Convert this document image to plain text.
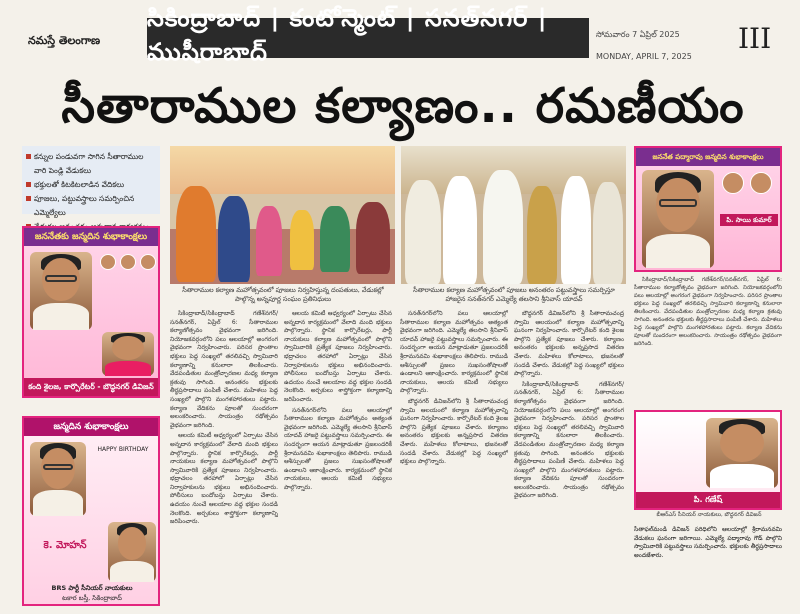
నమస్తే తెలంగాణ
సికింద్రాబాద్ | కంటోన్మెంట్ | సనత్‌నగర్ | ముషీరాబాద్
సోమవారం 7 ఏప్రిల్ 2025
MONDAY, APRIL 7, 2025
III
సీతారాముల కల్యాణం.. రమణీయం
కన్నుల పండువగా సాగిన సీతారాముల వారి పెండ్లి వేడుకలు
భక్తులతో కిటకిటలాడిన వేదికలు
పూజలు, పట్టువస్త్రాలు సమర్పించిన ఎమ్మెల్యేలు
జననేతకు జన్మదిన శుభాకాంక్షలు
కంది శైలజ, కార్పొరేటర్ - బౌద్ధనగర్ డివిజన్
జన్మదిన శుభాకాంక్షలు
HAPPY BIRTHDAY
కె. మోహన్
BRS పార్టీ సీనియర్ నాయకులు
టకార బస్తీ, సికింద్రాబాద్
సీతారాముల కల్యాణ మహోత్సవంలో పూజలు నిర్వహిస్తున్న దంపతులు, వేడుకల్లో పాల్గొన్న అన్నపూర్ణ సంఘం ప్రతినిధులు
సీతారాముల కల్యాణ మహోత్సవంలో పూజలు అనంతరం పట్టువస్త్రాలు సమర్పిస్తూ హాజరైన సనత్‌నగర్ ఎమ్మెల్యే తలసాని శ్రీనివాస్ యాదవ్

సికింద్రాబాద్/సికింద్రాబాద్ గణేశ్‌నగర్/సనత్‌నగర్, ఏప్రిల్ 6: సీతారాముల కల్యాణోత్సవం వైభవంగా జరిగింది. నియోజకవర్గంలోని పలు ఆలయాల్లో అంగరంగ వైభవంగా నిర్వహించారు. పరిసర ప్రాంతాల భక్తులు పెద్ద సంఖ్యలో తరలివచ్చి స్వామివారి కల్యాణాన్ని కనులారా తిలకించారు. వేదపండితుల మంత్రోచ్ఛారణల మధ్య కల్యాణ క్రతువు సాగింది. అనంతరం భక్తులకు తీర్థప్రసాదాలు పంపిణీ చేశారు. మహిళలు పెద్ద సంఖ్యలో పాల్గొని మంగళహారతులు పట్టారు. కల్యాణ వేదికను పూలతో సుందరంగా అలంకరించారు. సాయంత్రం రథోత్సవం వైభవంగా జరిగింది.

ఆలయ కమిటీ ఆధ్వర్యంలో ఏర్పాటు చేసిన అన్నదాన కార్యక్రమంలో వేలాది మంది భక్తులు పాల్గొన్నారు. స్థానిక కార్పొరేటర్లు, పార్టీ నాయకులు కల్యాణ మహోత్సవంలో పాల్గొని స్వామివారికి ప్రత్యేక పూజలు నిర్వహించారు. భద్రాచలం తరహాలో ఏర్పాట్లు చేసిన నిర్వాహకులను భక్తులు అభినందించారు. పోలీసులు బందోబస్తు ఏర్పాటు చేశారు. ఉదయం నుంచే ఆలయాల వద్ద భక్తుల సందడి నెలకొంది. అర్చకులు శాస్త్రోక్తంగా కల్యాణాన్ని జరిపించారు.

ఆలయ కమిటీ ఆధ్వర్యంలో ఏర్పాటు చేసిన అన్నదాన కార్యక్రమంలో వేలాది మంది భక్తులు పాల్గొన్నారు. స్థానిక కార్పొరేటర్లు, పార్టీ నాయకులు కల్యాణ మహోత్సవంలో పాల్గొని స్వామివారికి ప్రత్యేక పూజలు నిర్వహించారు. భద్రాచలం తరహాలో ఏర్పాట్లు చేసిన నిర్వాహకులను భక్తులు అభినందించారు. పోలీసులు బందోబస్తు ఏర్పాటు చేశారు. ఉదయం నుంచే ఆలయాల వద్ద భక్తుల సందడి నెలకొంది. అర్చకులు శాస్త్రోక్తంగా కల్యాణాన్ని జరిపించారు.

సనత్‌నగర్‌లోని పలు ఆలయాల్లో సీతారాముల కల్యాణ మహోత్సవం అత్యంత వైభవంగా జరిగింది. ఎమ్మెల్యే తలసాని శ్రీనివాస్ యాదవ్ హాజరై పట్టువస్త్రాలు సమర్పించారు. ఈ సందర్భంగా ఆయన మాట్లాడుతూ ప్రజలందరికీ శ్రీరామనవమి శుభాకాంక్షలు తెలిపారు. రాముడి ఆశీస్సులతో ప్రజలు సుఖసంతోషాలతో ఉండాలని ఆకాంక్షించారు. కార్యక్రమంలో స్థానిక నాయకులు, ఆలయ కమిటీ సభ్యులు పాల్గొన్నారు.

సనత్‌నగర్‌లోని పలు ఆలయాల్లో సీతారాముల కల్యాణ మహోత్సవం అత్యంత వైభవంగా జరిగింది. ఎమ్మెల్యే తలసాని శ్రీనివాస్ యాదవ్ హాజరై పట్టువస్త్రాలు సమర్పించారు. ఈ సందర్భంగా ఆయన మాట్లాడుతూ ప్రజలందరికీ శ్రీరామనవమి శుభాకాంక్షలు తెలిపారు. రాముడి ఆశీస్సులతో ప్రజలు సుఖసంతోషాలతో ఉండాలని ఆకాంక్షించారు. కార్యక్రమంలో స్థానిక నాయకులు, ఆలయ కమిటీ సభ్యులు పాల్గొన్నారు.

బౌద్ధనగర్ డివిజన్‌లోని శ్రీ సీతారామచంద్ర స్వామి ఆలయంలో కల్యాణ మహోత్సవాన్ని ఘనంగా నిర్వహించారు. కార్పొరేటర్ కంది శైలజ పాల్గొని ప్రత్యేక పూజలు చేశారు. కల్యాణం అనంతరం భక్తులకు అన్నప్రసాద వితరణ చేశారు. మహిళలు కోలాటాలు, భజనలతో సందడి చేశారు. వేడుకల్లో పెద్ద సంఖ్యలో భక్తులు పాల్గొన్నారు.

బౌద్ధనగర్ డివిజన్‌లోని శ్రీ సీతారామచంద్ర స్వామి ఆలయంలో కల్యాణ మహోత్సవాన్ని ఘనంగా నిర్వహించారు. కార్పొరేటర్ కంది శైలజ పాల్గొని ప్రత్యేక పూజలు చేశారు. కల్యాణం అనంతరం భక్తులకు అన్నప్రసాద వితరణ చేశారు. మహిళలు కోలాటాలు, భజనలతో సందడి చేశారు. వేడుకల్లో పెద్ద సంఖ్యలో భక్తులు పాల్గొన్నారు.

సికింద్రాబాద్/సికింద్రాబాద్ గణేశ్‌నగర్/సనత్‌నగర్, ఏప్రిల్ 6: సీతారాముల కల్యాణోత్సవం వైభవంగా జరిగింది. నియోజకవర్గంలోని పలు ఆలయాల్లో అంగరంగ వైభవంగా నిర్వహించారు. పరిసర ప్రాంతాల భక్తులు పెద్ద సంఖ్యలో తరలివచ్చి స్వామివారి కల్యాణాన్ని కనులారా తిలకించారు. వేదపండితుల మంత్రోచ్ఛారణల మధ్య కల్యాణ క్రతువు సాగింది. అనంతరం భక్తులకు తీర్థప్రసాదాలు పంపిణీ చేశారు. మహిళలు పెద్ద సంఖ్యలో పాల్గొని మంగళహారతులు పట్టారు. కల్యాణ వేదికను పూలతో సుందరంగా అలంకరించారు. సాయంత్రం రథోత్సవం వైభవంగా జరిగింది.

జననేత పద్మారావు జన్మదిన శుభాకాంక్షలు
పి. సాయి కుమార్

సికింద్రాబాద్/సికింద్రాబాద్ గణేశ్‌నగర్/సనత్‌నగర్, ఏప్రిల్ 6: సీతారాముల కల్యాణోత్సవం వైభవంగా జరిగింది. నియోజకవర్గంలోని పలు ఆలయాల్లో అంగరంగ వైభవంగా నిర్వహించారు. పరిసర ప్రాంతాల భక్తులు పెద్ద సంఖ్యలో తరలివచ్చి స్వామివారి కల్యాణాన్ని కనులారా తిలకించారు. వేదపండితుల మంత్రోచ్ఛారణల మధ్య కల్యాణ క్రతువు సాగింది. అనంతరం భక్తులకు తీర్థప్రసాదాలు పంపిణీ చేశారు. మహిళలు పెద్ద సంఖ్యలో పాల్గొని మంగళహారతులు పట్టారు. కల్యాణ వేదికను పూలతో సుందరంగా అలంకరించారు. సాయంత్రం రథోత్సవం వైభవంగా జరిగింది.

పి. గణేష్
బీఆర్ఎస్ సీనియర్ నాయకులు, బౌద్ధనగర్ డివిజన్
సీతాఫల్‌మండి డివిజన్ పరిధిలోని ఆలయాల్లో శ్రీరామనవమి వేడుకలు ఘనంగా జరిగాయి. ఎమ్మెల్యే పద్మారావు గౌడ్ పాల్గొని స్వామివారికి పట్టువస్త్రాలు సమర్పించారు. భక్తులకు తీర్థప్రసాదాలు అందజేశారు.
